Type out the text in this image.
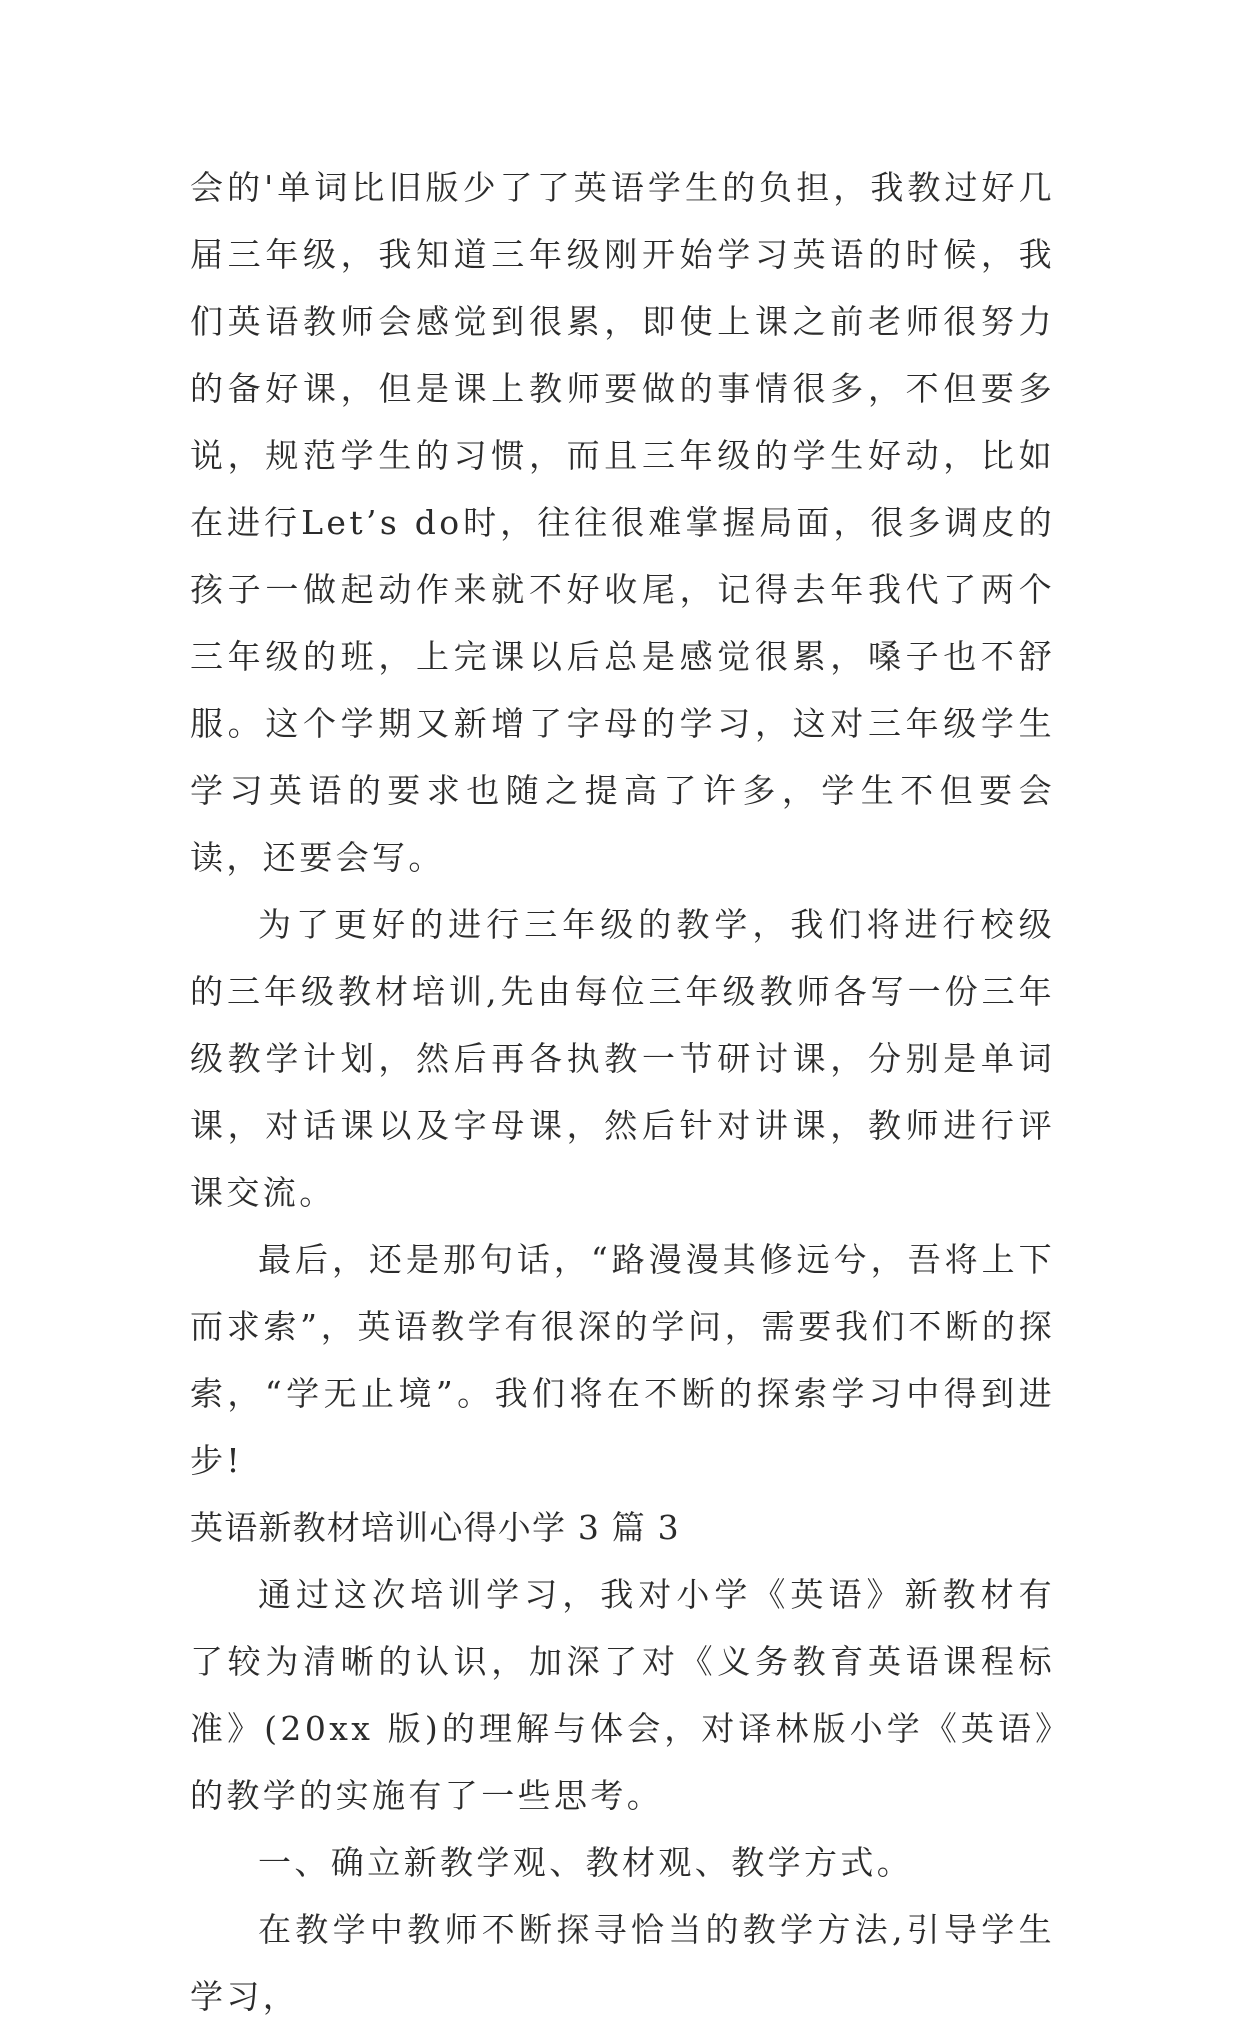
会的'单词比旧版少了了英语学生的负担，我教过好几届三年级，我知道三年级刚开始学习英语的时候，我们英语教师会感觉到很累，即使上课之前老师很努力的备好课，但是课上教师要做的事情很多，不但要多说，规范学生的习惯，而且三年级的学生好动，比如在进行Let’s do时，往往很难掌握局面，很多调皮的孩子一做起动作来就不好收尾，记得去年我代了两个三年级的班，上完课以后总是感觉很累，嗓子也不舒服。这个学期又新增了字母的学习，这对三年级学生学习英语的要求也随之提高了许多，学生不但要会读，还要会写。

为了更好的进行三年级的教学，我们将进行校级的三年级教材培训,先由每位三年级教师各写一份三年级教学计划，然后再各执教一节研讨课，分别是单词课，对话课以及字母课，然后针对讲课，教师进行评课交流。

最后，还是那句话，“路漫漫其修远兮，吾将上下而求索”，英语教学有很深的学问，需要我们不断的探索，“学无止境”。我们将在不断的探索学习中得到进步!

英语新教材培训心得小学 3 篇 3

通过这次培训学习，我对小学《英语》新教材有了较为清晰的认识，加深了对《义务教育英语课程标准》(20xx 版)的理解与体会，对译林版小学《英语》的教学的实施有了一些思考。

一、确立新教学观、教材观、教学方式。

在教学中教师不断探寻恰当的教学方法,引导学生学习，
